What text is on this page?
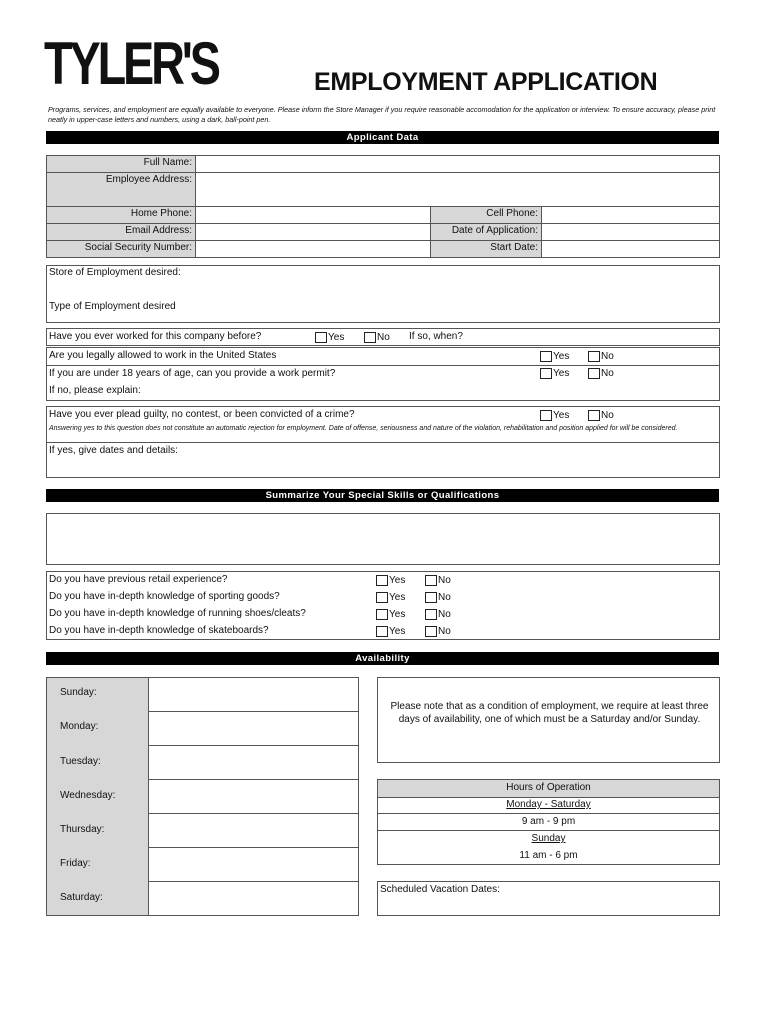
TYLER'S	EMPLOYMENT APPLICATION
Programs, services, and employment are equally available to everyone. Please inform the Store Manager if you require reasonable accomodation for the application or interview. To ensure accuracy, please print neatly in upper-case letters and numbers, using a dark, ball-point pen.
Applicant Data
Full Name:
Employee Address:
Home Phone:	Cell Phone:
Email Address:	Date of Application:
Social Security Number:	Start Date:
Store of Employment desired:
Type of Employment desired
Have you ever worked for this company before?	Yes	No If so, when?
Are you legally allowed to work in the United States	Yes	No
If you are under 18 years of age, can you provide a work permit?	Yes	No
If no, please explain:
Have you ever plead guilty, no contest, or been convicted of a crime?	Yes	No
Answering yes to this question does not constitute an automatic rejection for employment. Date of offense, seriousness and nature of the violation, rehabilitation and position applied for will be considered.
If yes, give dates and details:
Summarize Your Special Skills or Qualifications
Do you have previous retail experience?	Yes	No
Do you have in-depth knowledge of sporting goods?	Yes	No
Do you have in-depth knowledge of running shoes/cleats?	Yes	No
Do you have in-depth knowledge of skateboards?	Yes	No
Availability
Sunday:
Monday:
Tuesday:
Wednesday:
Thursday:
Friday:
Saturday:
Please note that as a condition of employment, we require at least three days of availability, one of which must be a Saturday and/or Sunday.
Hours of Operation
Monday - Saturday
9 am - 9 pm
Sunday
11 am - 6 pm
Scheduled Vacation Dates:
